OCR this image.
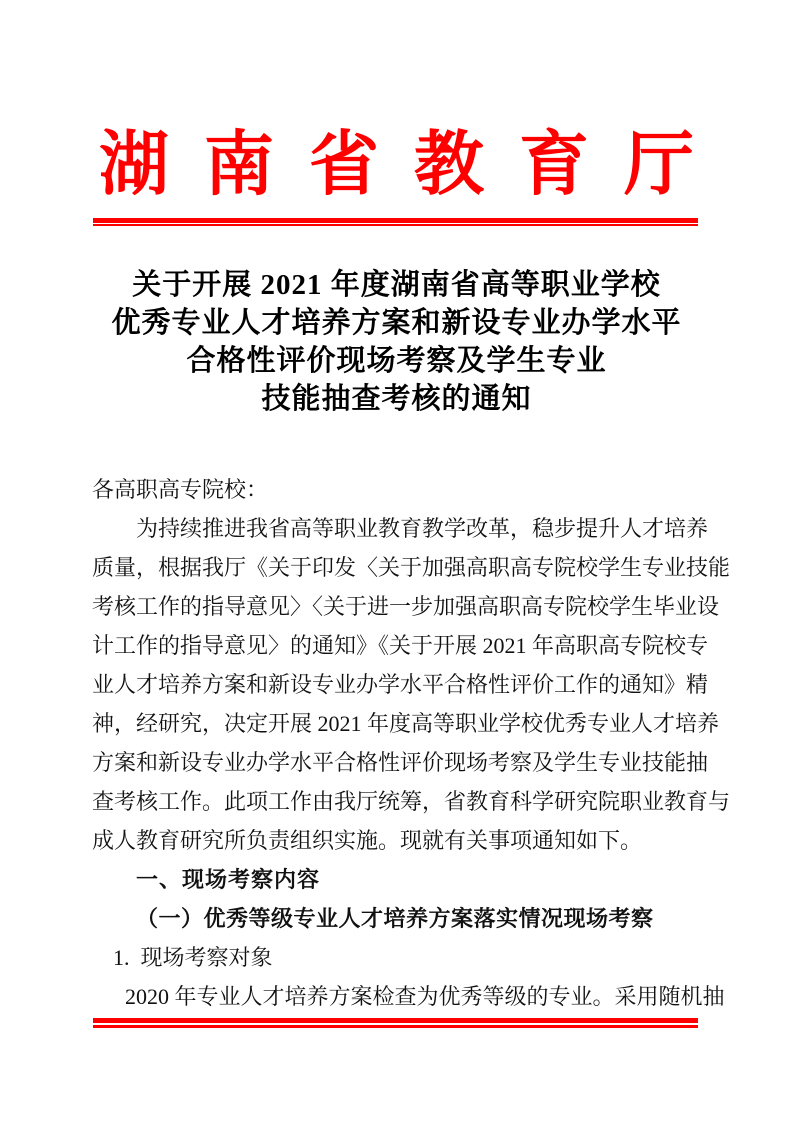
湖南省教育厅
关于开展 2021 年度湖南省高等职业学校
优秀专业人才培养方案和新设专业办学水平
合格性评价现场考察及学生专业
技能抽查考核的通知
各高职高专院校：
为持续推进我省高等职业教育教学改革，稳步提升人才培养
质量，根据我厅《关于印发〈关于加强高职高专院校学生专业技能
考核工作的指导意见〉〈关于进一步加强高职高专院校学生毕业设
计工作的指导意见〉的通知》《关于开展 2021 年高职高专院校专
业人才培养方案和新设专业办学水平合格性评价工作的通知》精
神，经研究，决定开展 2021 年度高等职业学校优秀专业人才培养
方案和新设专业办学水平合格性评价现场考察及学生专业技能抽
查考核工作。此项工作由我厅统筹，省教育科学研究院职业教育与
成人教育研究所负责组织实施。现就有关事项通知如下。
一、现场考察内容
（一）优秀等级专业人才培养方案落实情况现场考察
1.  现场考察对象
2020 年专业人才培养方案检查为优秀等级的专业。采用随机抽
